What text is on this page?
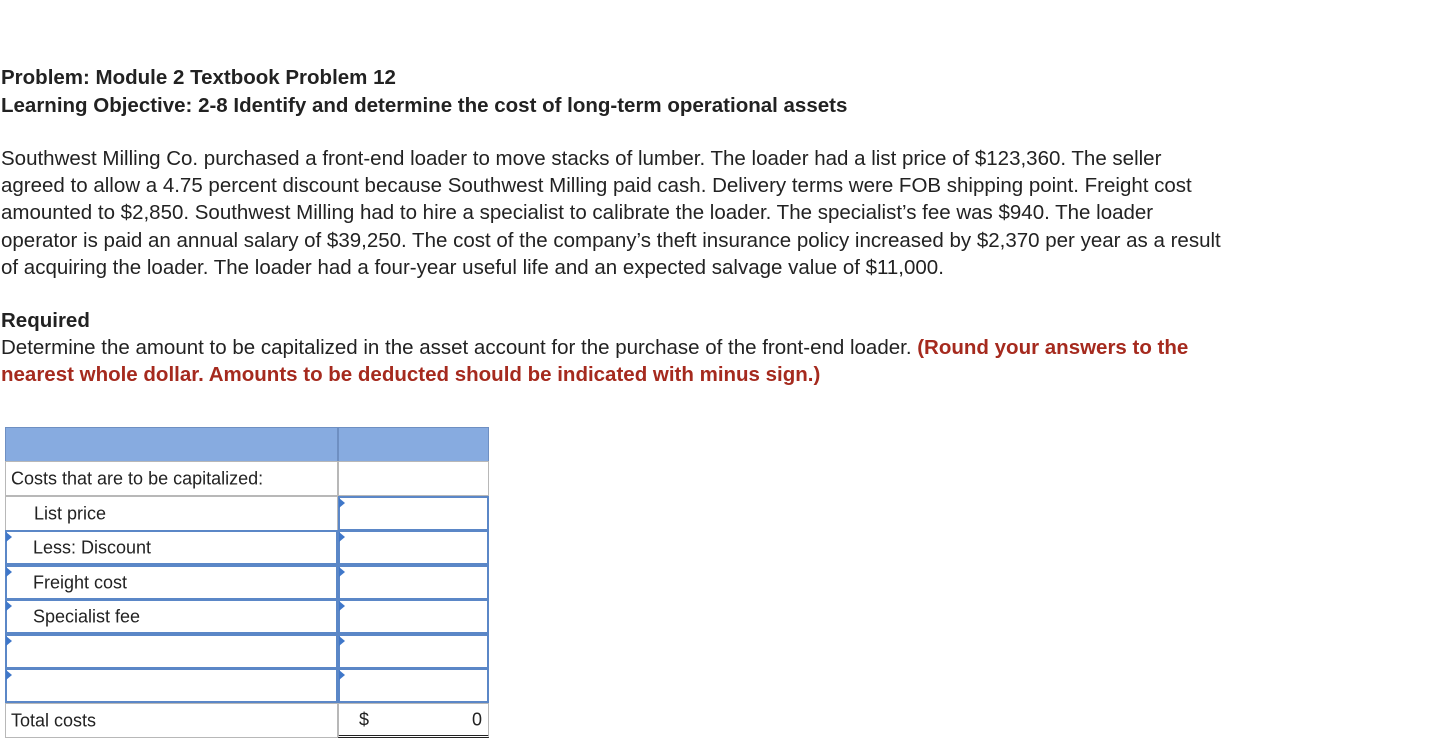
Problem: Module 2 Textbook Problem 12
Learning Objective: 2-8 Identify and determine the cost of long-term operational assets
Southwest Milling Co. purchased a front-end loader to move stacks of lumber. The loader had a list price of $123,360. The seller
agreed to allow a 4.75 percent discount because Southwest Milling paid cash. Delivery terms were FOB shipping point. Freight cost
amounted to $2,850. Southwest Milling had to hire a specialist to calibrate the loader. The specialist’s fee was $940. The loader
operator is paid an annual salary of $39,250. The cost of the company’s theft insurance policy increased by $2,370 per year as a result
of acquiring the loader. The loader had a four-year useful life and an expected salvage value of $11,000.
Required
Determine the amount to be capitalized in the asset account for the purchase of the front-end loader. (Round your answers to the
nearest whole dollar. Amounts to be deducted should be indicated with minus sign.)
Costs that are to be capitalized:
List price
Less: Discount
Freight cost
Specialist fee
Total costs	$	0
